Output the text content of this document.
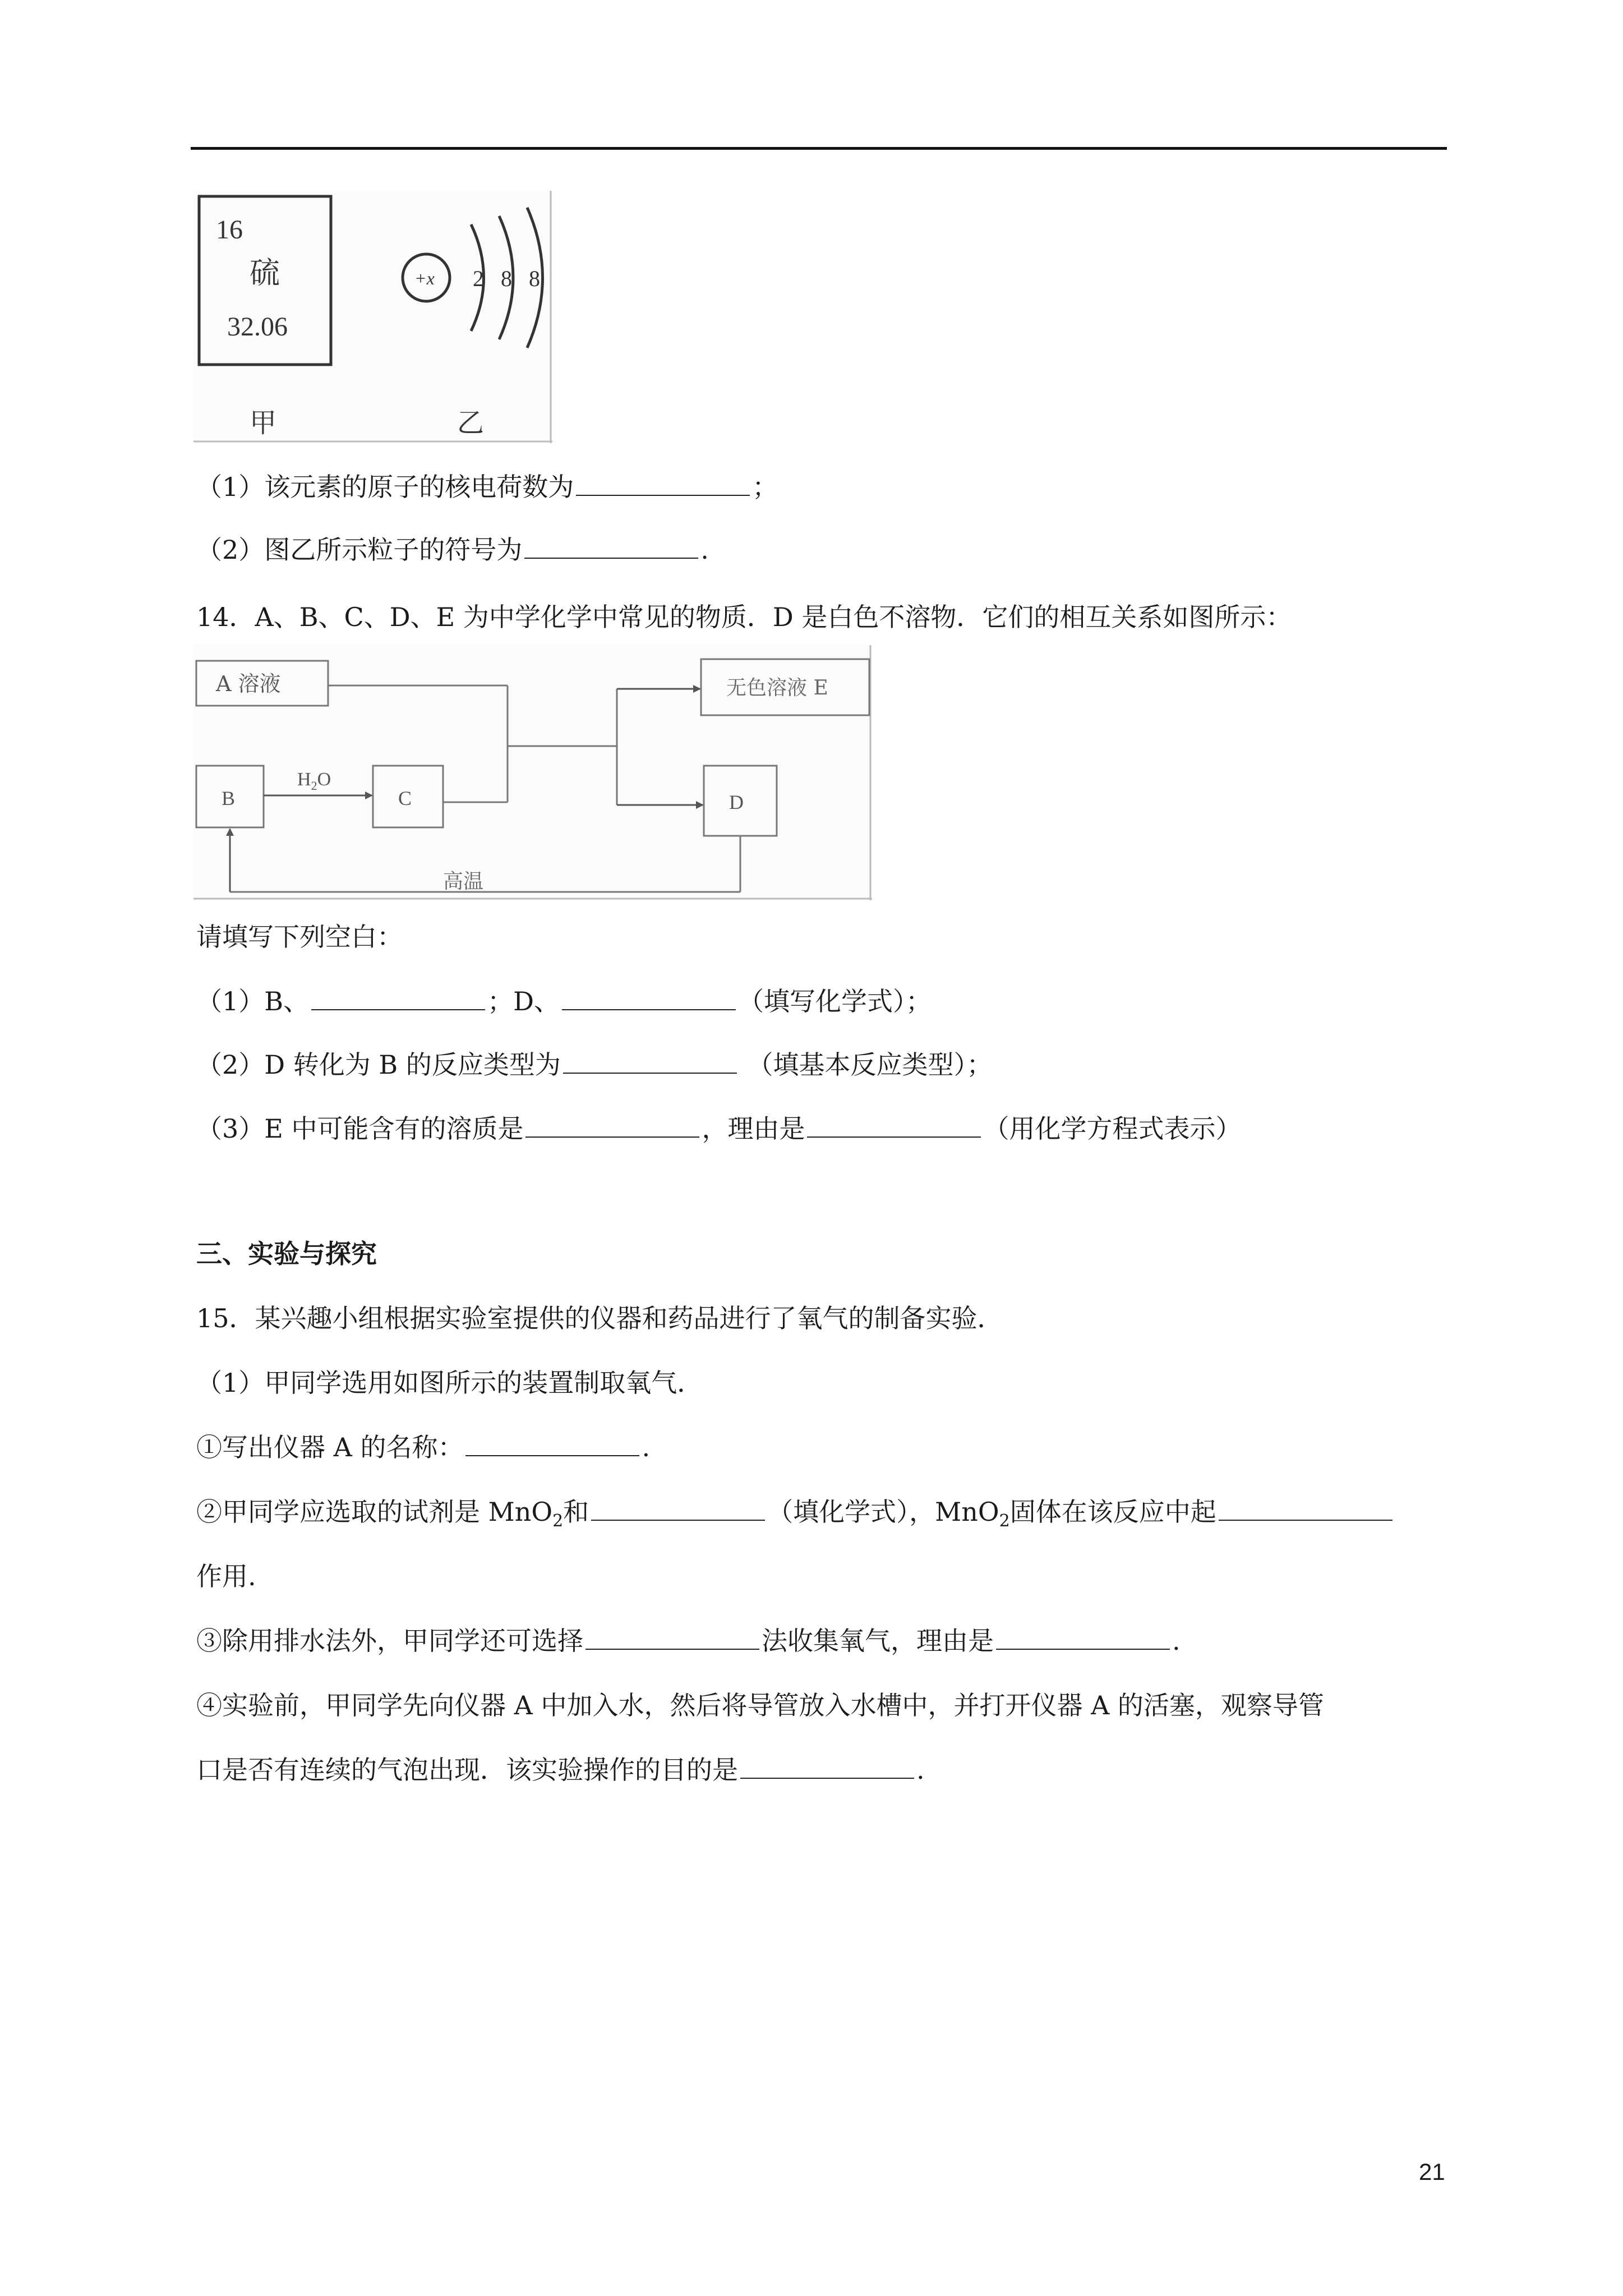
16
硫
32.06
+x 2 8 8
甲	乙
（1）该元素的原子的核电荷数为	；
（2）图乙所示粒子的符号为	.
14．A、B、C、D、E 为中学化学中常见的物质．D 是白色不溶物．它们的相互关系如图所示：
A 溶液	无色溶液 E
B	C	D
$H_2O$
高温
请填写下列空白：
（1）B、	；D、	（填写化学式）；
（2）D 转化为 B 的反应类型为	（填基本反应类型）；
（3）E 中可能含有的溶质是	，理由是	（用化学方程式表示）
三、实验与探究
15．某兴趣小组根据实验室提供的仪器和药品进行了氧气的制备实验．
（1）甲同学选用如图所示的装置制取氧气．
①写出仪器 A 的名称：	.
②甲同学应选取的试剂是 MnO$_2$和	（填化学式），MnO$_2$固体在该反应中起
作用.
③除用排水法外，甲同学还可选择	法收集氧气，理由是	.
④实验前，甲同学先向仪器 A 中加入水，然后将导管放入水槽中，并打开仪器 A 的活塞，观察导管
口是否有连续的气泡出现．该实验操作的目的是	.
21
